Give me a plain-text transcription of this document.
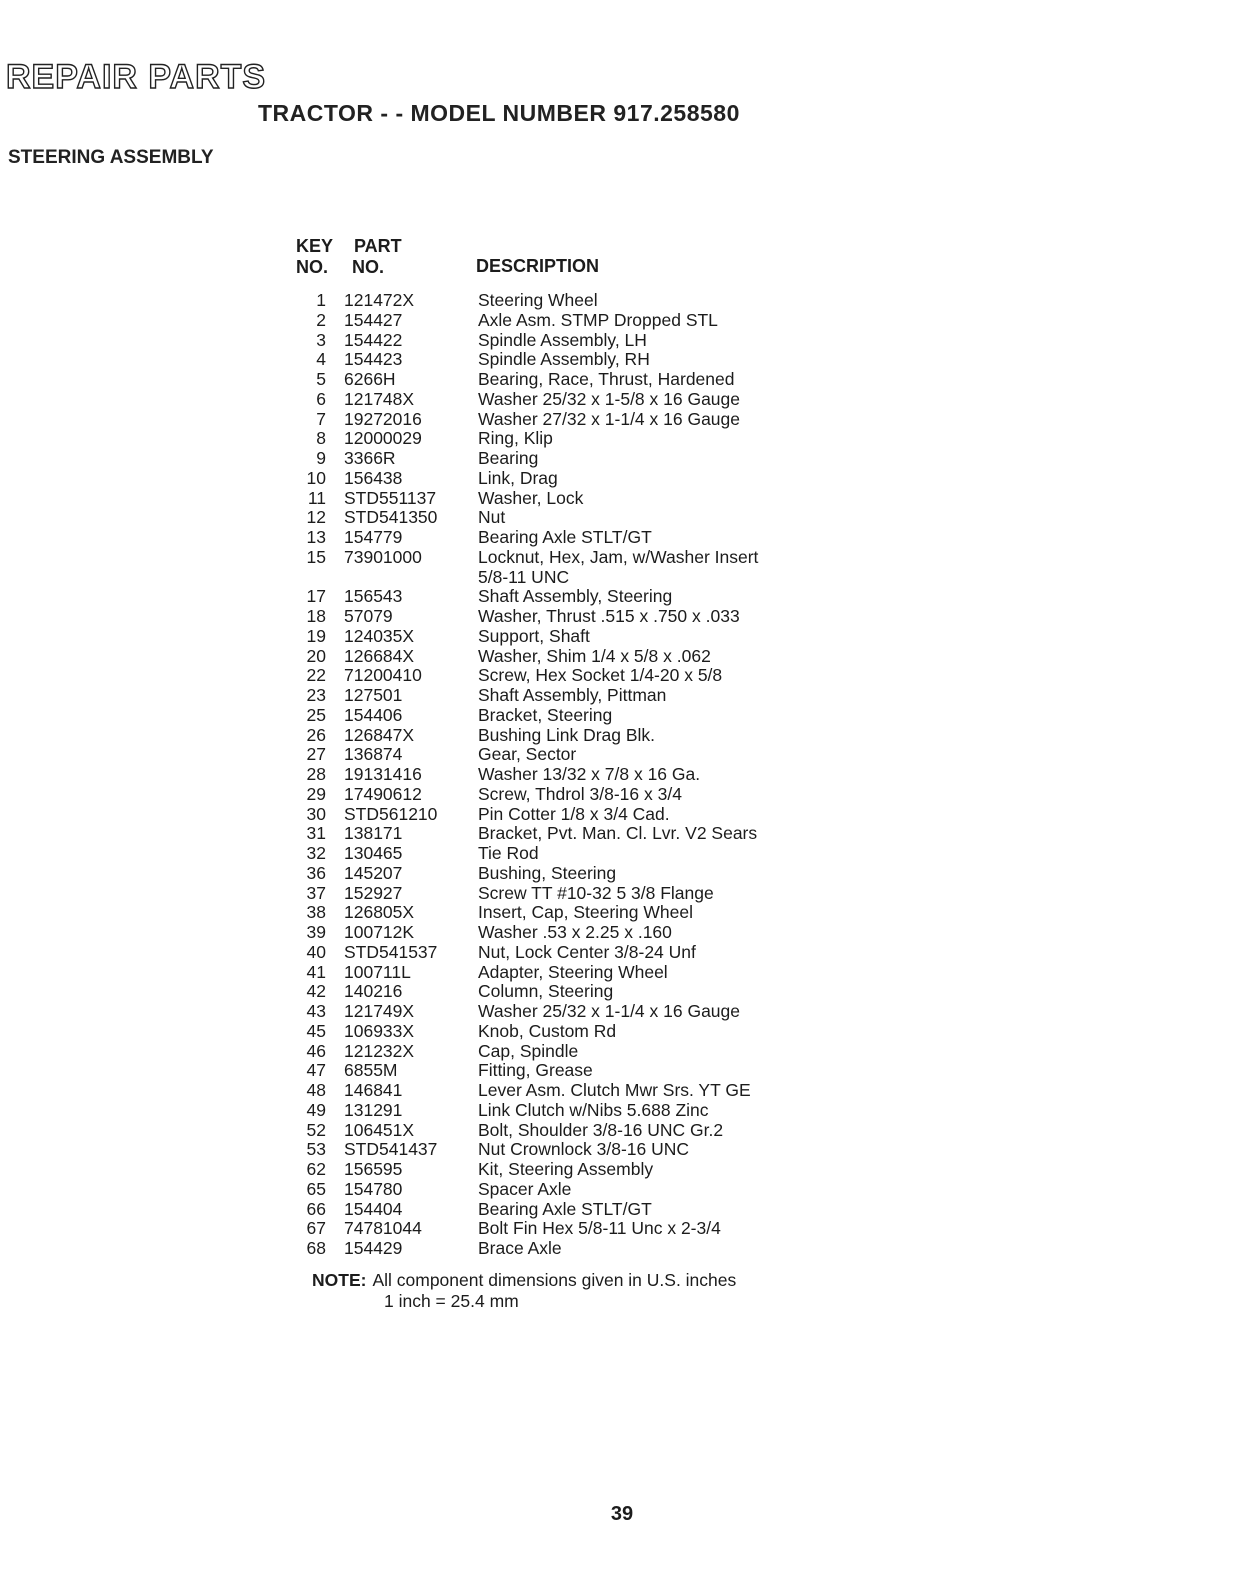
REPAIR PARTS
TRACTOR - - MODEL NUMBER 917.258580
STEERING ASSEMBLY
KEY
NO.
PART
NO.	DESCRIPTION
1 121472X	Steering Wheel
2 154427	Axle Asm. STMP Dropped STL
3 154422	Spindle Assembly, LH
4 154423	Spindle Assembly, RH
5 6266H	Bearing, Race, Thrust, Hardened
6 121748X	Washer 25/32 x 1-5/8 x 16 Gauge
7 19272016	Washer 27/32 x 1-1/4 x 16 Gauge
8 12000029	Ring, Klip
9 3366R	Bearing
10 156438	Link, Drag
11 STD551137 Washer, Lock
12 STD541350 Nut
13 154779	Bearing Axle STLT/GT
15 73901000	Locknut, Hex, Jam, w/Washer Insert
5/8-11 UNC
17 156543	Shaft Assembly, Steering
18 57079	Washer, Thrust .515 x .750 x .033
19 124035X	Support, Shaft
20 126684X	Washer, Shim 1/4 x 5/8 x .062
22 71200410	Screw, Hex Socket 1/4-20 x 5/8
23 127501	Shaft Assembly, Pittman
25 154406	Bracket, Steering
26 126847X	Bushing Link Drag Blk.
27 136874	Gear, Sector
28 19131416	Washer 13/32 x 7/8 x 16 Ga.
29 17490612	Screw, Thdrol 3/8-16 x 3/4
30 STD561210 Pin Cotter 1/8 x 3/4 Cad.
31 138171	Bracket, Pvt. Man. Cl. Lvr. V2 Sears
32 130465	Tie Rod
36 145207	Bushing, Steering
37 152927	Screw TT #10-32 5 3/8 Flange
38 126805X	Insert, Cap, Steering Wheel
39 100712K	Washer .53 x 2.25 x .160
40 STD541537 Nut, Lock Center 3/8-24 Unf
41 100711L	Adapter, Steering Wheel
42 140216	Column, Steering
43 121749X	Washer 25/32 x 1-1/4 x 16 Gauge
45 106933X	Knob, Custom Rd
46 121232X	Cap, Spindle
47 6855M	Fitting, Grease
48 146841	Lever Asm. Clutch Mwr Srs. YT GE
49 131291	Link Clutch w/Nibs 5.688 Zinc
52 106451X	Bolt, Shoulder 3/8-16 UNC Gr.2
53 STD541437 Nut Crownlock 3/8-16 UNC
62 156595	Kit, Steering Assembly
65 154780	Spacer Axle
66 154404	Bearing Axle STLT/GT
67 74781044	Bolt Fin Hex 5/8-11 Unc x 2-3/4
68 154429	Brace Axle
NOTE: All component dimensions given in U.S. inches
1 inch = 25.4 mm
39
